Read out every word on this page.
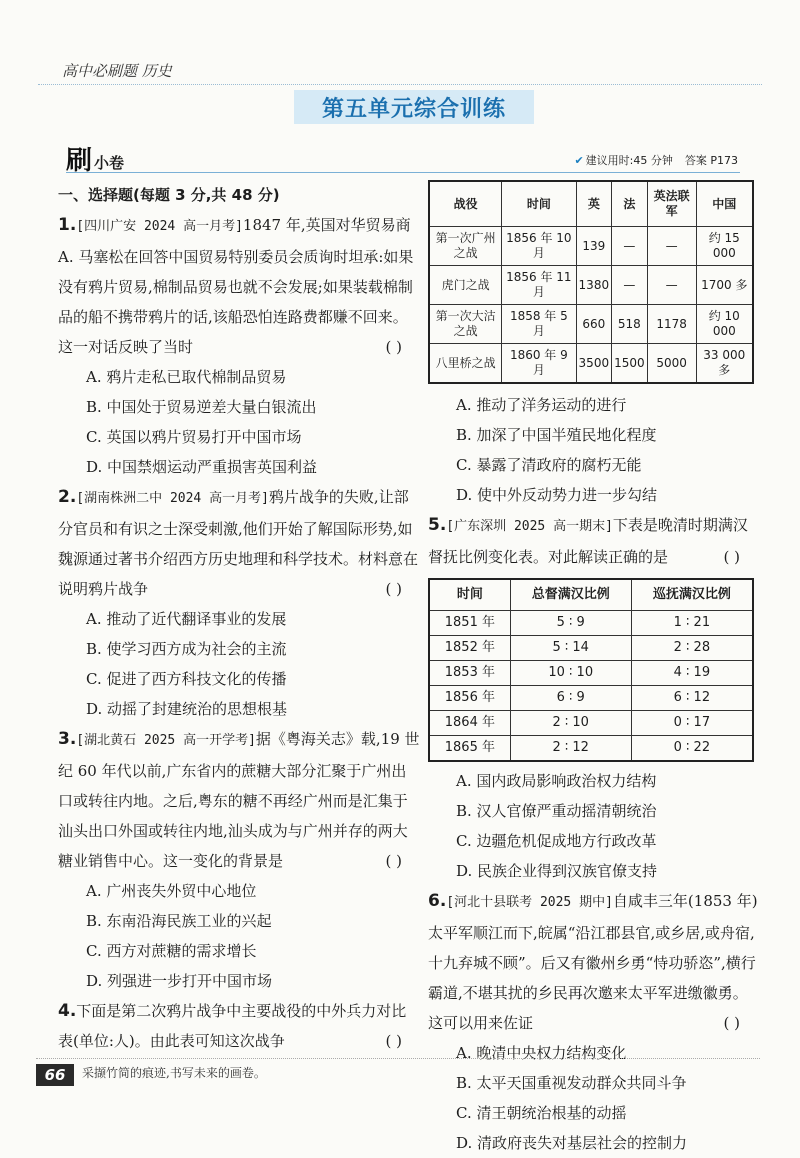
高中必刷题 历史
第五单元综合训练
刷 小卷	✔ 建议用时:45 分钟 答案 P173
一、选择题(每题 3 分,共 48 分)
1.[四川广安 2024 高一月考]1847 年,英国对华贸易商 A. 马塞松在回答中国贸易特别委员会质询时坦承:如果没有鸦片贸易,棉制品贸易也就不会发展;如果装载棉制品的船不携带鸦片的话,该船恐怕连路费都赚不回来。这一对话反映了当时	( )
A. 鸦片走私已取代棉制品贸易
B. 中国处于贸易逆差大量白银流出
C. 英国以鸦片贸易打开中国市场
D. 中国禁烟运动严重损害英国利益
2.[湖南株洲二中 2024 高一月考]鸦片战争的失败,让部分官员和有识之士深受刺激,他们开始了解国际形势,如魏源通过著书介绍西方历史地理和科学技术。材料意在说明鸦片战争	( )
A. 推动了近代翻译事业的发展
B. 使学习西方成为社会的主流
C. 促进了西方科技文化的传播
D. 动摇了封建统治的思想根基
3.[湖北黄石 2025 高一开学考]据《粤海关志》载,19 世纪 60 年代以前,广东省内的蔗糖大部分汇聚于广州出口或转往内地。之后,粤东的糖不再经广州而是汇集于汕头出口外国或转往内地,汕头成为与广州并存的两大糖业销售中心。这一变化的背景是	( )
A. 广州丧失外贸中心地位
B. 东南沿海民族工业的兴起
C. 西方对蔗糖的需求增长
D. 列强进一步打开中国市场
4.下面是第二次鸦片战争中主要战役的中外兵力对比表(单位:人)。由此表可知这次战争	( )
战役	时间	英	法	英法联军	中国
第一次广州之战	1856 年 10 月	139	—	—	约 15 000
虎门之战	1856 年 11 月	1380	—	—	1700 多
第一次大沽之战	1858 年 5 月	660	518	1178	约 10 000
八里桥之战	1860 年 9 月	3500	1500	5000	33 000 多
A. 推动了洋务运动的进行
B. 加深了中国半殖民地化程度
C. 暴露了清政府的腐朽无能
D. 使中外反动势力进一步勾结
5.[广东深圳 2025 高一期末]下表是晚清时期满汉督抚比例变化表。对此解读正确的是	( )
时间	总督满汉比例	巡抚满汉比例
1851 年	5 ∶ 9	1 ∶ 21
1852 年	5 ∶ 14	2 ∶ 28
1853 年	10 ∶ 10	4 ∶ 19
1856 年	6 ∶ 9	6 ∶ 12
1864 年	2 ∶ 10	0 ∶ 17
1865 年	2 ∶ 12	0 ∶ 22
A. 国内政局影响政治权力结构
B. 汉人官僚严重动摇清朝统治
C. 边疆危机促成地方行政改革
D. 民族企业得到汉族官僚支持
6.[河北十县联考 2025 期中]自咸丰三年(1853 年)太平军顺江而下,皖属“沿江郡县官,或乡居,或舟宿,十九弃城不顾”。后又有徽州乡勇“恃功骄恣”,横行霸道,不堪其扰的乡民再次邀来太平军进缴徽勇。这可以用来佐证	( )
A. 晚清中央权力结构变化
B. 太平天国重视发动群众共同斗争
C. 清王朝统治根基的动摇
D. 清政府丧失对基层社会的控制力
66	采撷竹简的痕迹,书写未来的画卷。
